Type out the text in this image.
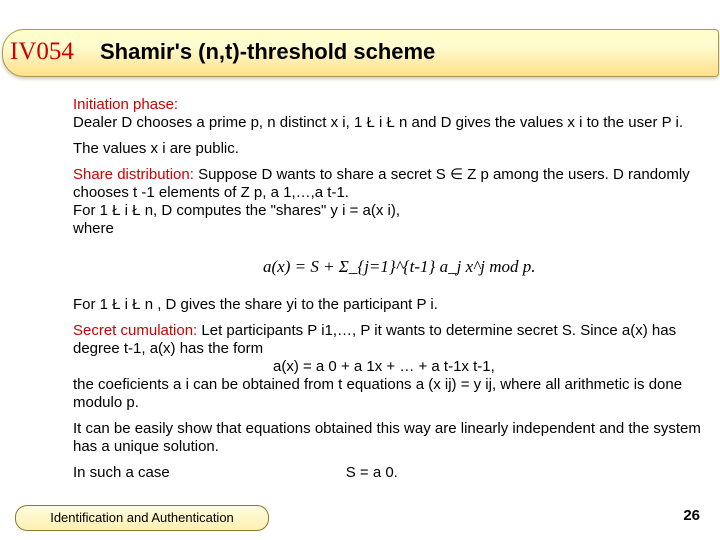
IV054 Shamir's (n,t)-threshold scheme

Initiation phase:

Dealer D chooses a prime p, n distinct x i, 1 Ł i Ł n and D gives the values x i to the user P i.

The values x i are public.

Share distribution: Suppose D wants to share a secret S ∈ Z p among the users. D randomly chooses t -1 elements of Z p, a 1,…,a t-1.

For 1 Ł i Ł n, D computes the "shares" y i = a(x i),

where

a(x) = S + Σ_{j=1}^{t-1} a_j x^j mod p.

For 1 Ł i Ł n , D gives the share yi to the participant P i.

Secret cumulation: Let participants P i1,…, P it wants to determine secret S. Since a(x) has degree t-1, a(x) has the form

a(x) = a 0 + a 1x + … + a t-1x t-1,

the coeficients a i can be obtained from t equations a (x ij) = y ij, where all arithmetic is done modulo p.

It can be easily show that equations obtained this way are linearly independent and the system has a unique solution.

In such a case	S = a 0.

Identification and Authentication	26
